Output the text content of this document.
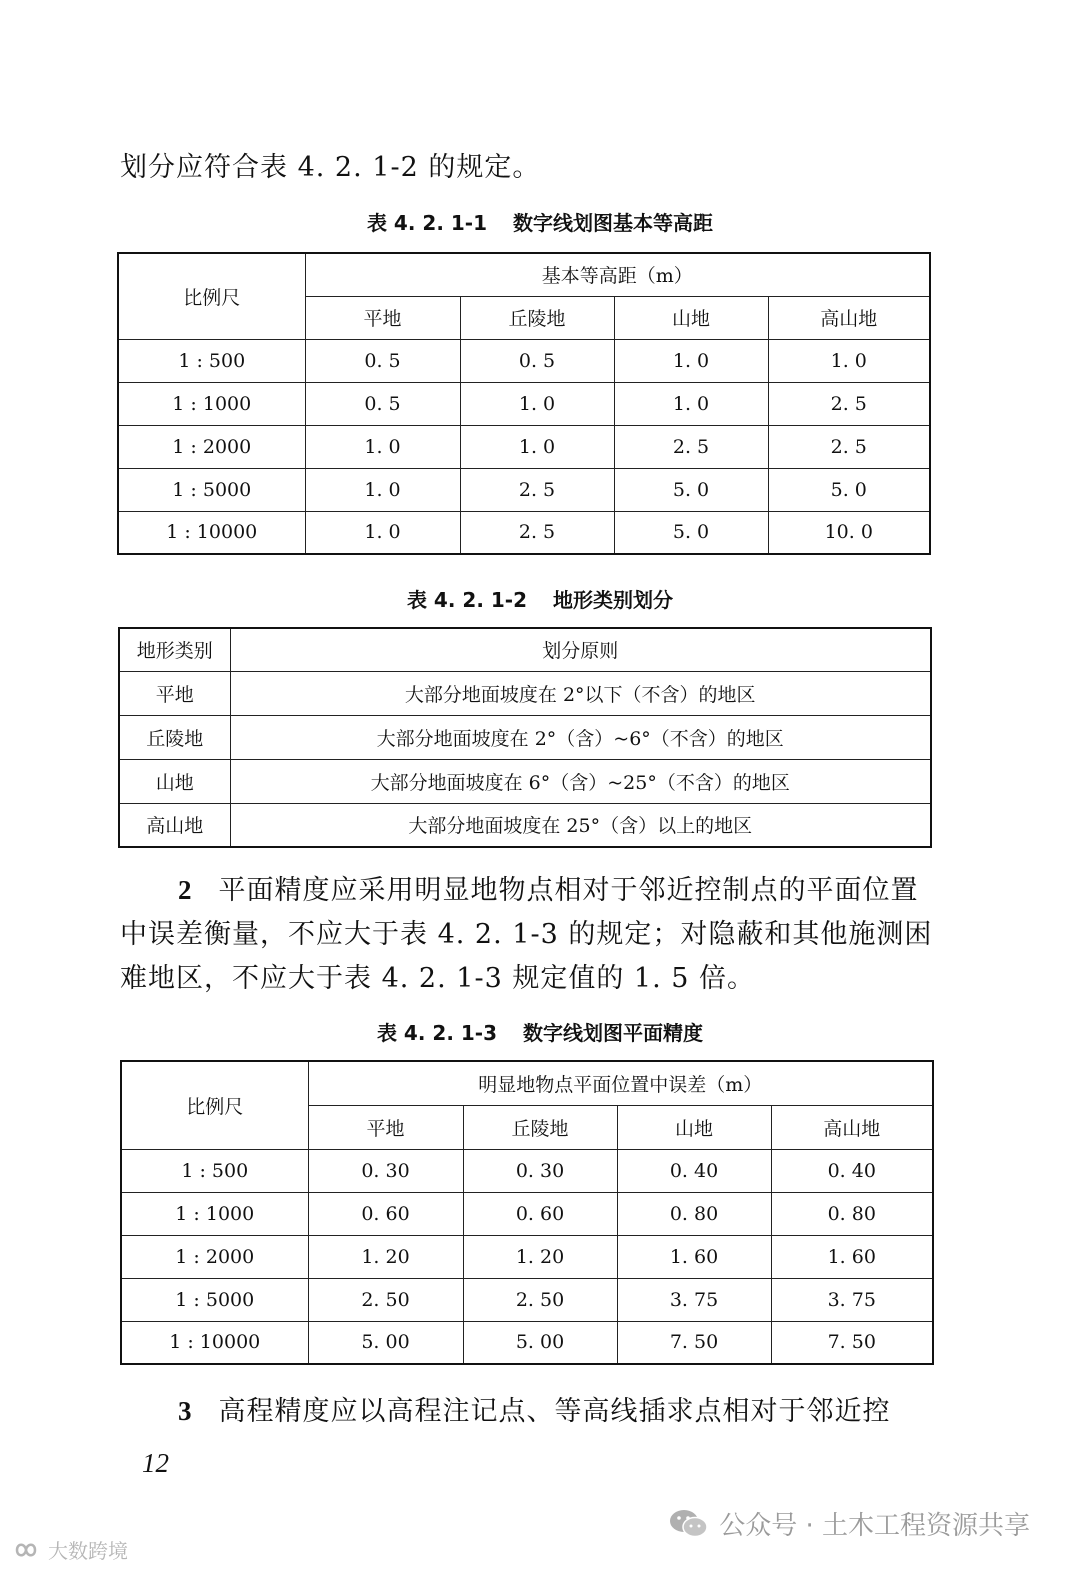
划分应符合表 4. 2. 1-2 的规定。

表 4. 2. 1-1 数字线划图基本等高距
比例尺	基本等高距（m）			
	平地	丘陵地	山地	高山地
1 : 500	0. 5	0. 5	1. 0	1. 0
1 : 1000	0. 5	1. 0	1. 0	2. 5
1 : 2000	1. 0	1. 0	2. 5	2. 5
1 : 5000	1. 0	2. 5	5. 0	5. 0
1 : 10000	1. 0	2. 5	5. 0	10. 0
表 4. 2. 1-2 地形类别划分
地形类别	划分原则
平地	大部分地面坡度在 2°以下（不含）的地区
丘陵地	大部分地面坡度在 2°（含）~6°（不含）的地区
山地	大部分地面坡度在 6°（含）~25°（不含）的地区
高山地	大部分地面坡度在 25°（含）以上的地区

2 平面精度应采用明显地物点相对于邻近控制点的平面位置中误差衡量，不应大于表 4. 2. 1-3 的规定；对隐蔽和其他施测困难地区，不应大于表 4. 2. 1-3 规定值的 1. 5 倍。

表 4. 2. 1-3 数字线划图平面精度
比例尺	明显地物点平面位置中误差（m）			
	平地	丘陵地	山地	高山地
1 : 500	0. 30	0. 30	0. 40	0. 40
1 : 1000	0. 60	0. 60	0. 80	0. 80
1 : 2000	1. 20	1. 20	1. 60	1. 60
1 : 5000	2. 50	2. 50	3. 75	3. 75
1 : 10000	5. 00	5. 00	7. 50	7. 50

3 高程精度应以高程注记点、等高线插求点相对于邻近控

12
公众号 · 土木工程资源共享
大数跨境
